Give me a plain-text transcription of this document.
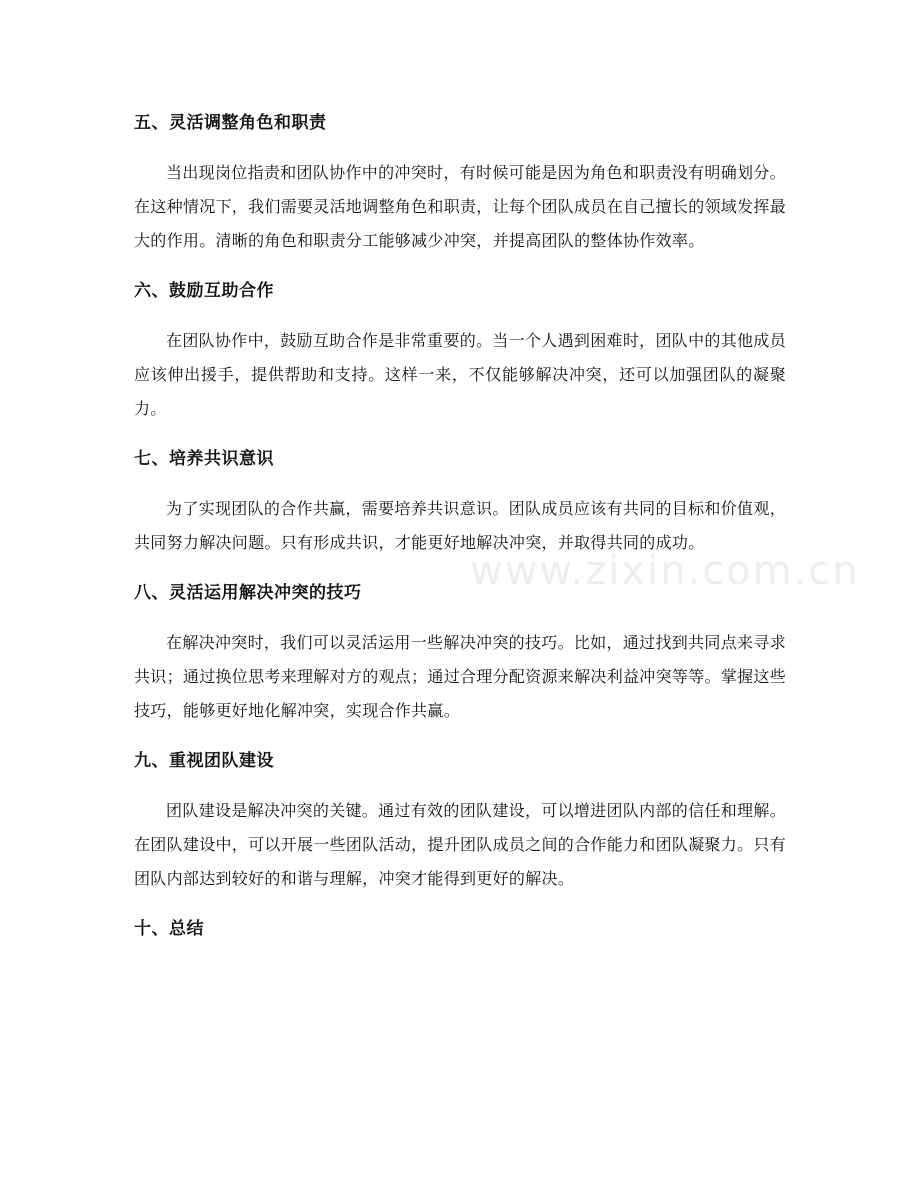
五、灵活调整角色和职责

当出现岗位指责和团队协作中的冲突时，有时候可能是因为角色和职责没有明确划分。在这种情况下，我们需要灵活地调整角色和职责，让每个团队成员在自己擅长的领域发挥最大的作用。清晰的角色和职责分工能够减少冲突，并提高团队的整体协作效率。

六、鼓励互助合作

在团队协作中，鼓励互助合作是非常重要的。当一个人遇到困难时，团队中的其他成员应该伸出援手，提供帮助和支持。这样一来，不仅能够解决冲突，还可以加强团队的凝聚力。

七、培养共识意识

为了实现团队的合作共赢，需要培养共识意识。团队成员应该有共同的目标和价值观，共同努力解决问题。只有形成共识，才能更好地解决冲突，并取得共同的成功。

八、灵活运用解决冲突的技巧

在解决冲突时，我们可以灵活运用一些解决冲突的技巧。比如，通过找到共同点来寻求共识；通过换位思考来理解对方的观点；通过合理分配资源来解决利益冲突等等。掌握这些技巧，能够更好地化解冲突，实现合作共赢。

九、重视团队建设

团队建设是解决冲突的关键。通过有效的团队建设，可以增进团队内部的信任和理解。在团队建设中，可以开展一些团队活动，提升团队成员之间的合作能力和团队凝聚力。只有团队内部达到较好的和谐与理解，冲突才能得到更好的解决。

十、总结
www.zixin.com.cn
